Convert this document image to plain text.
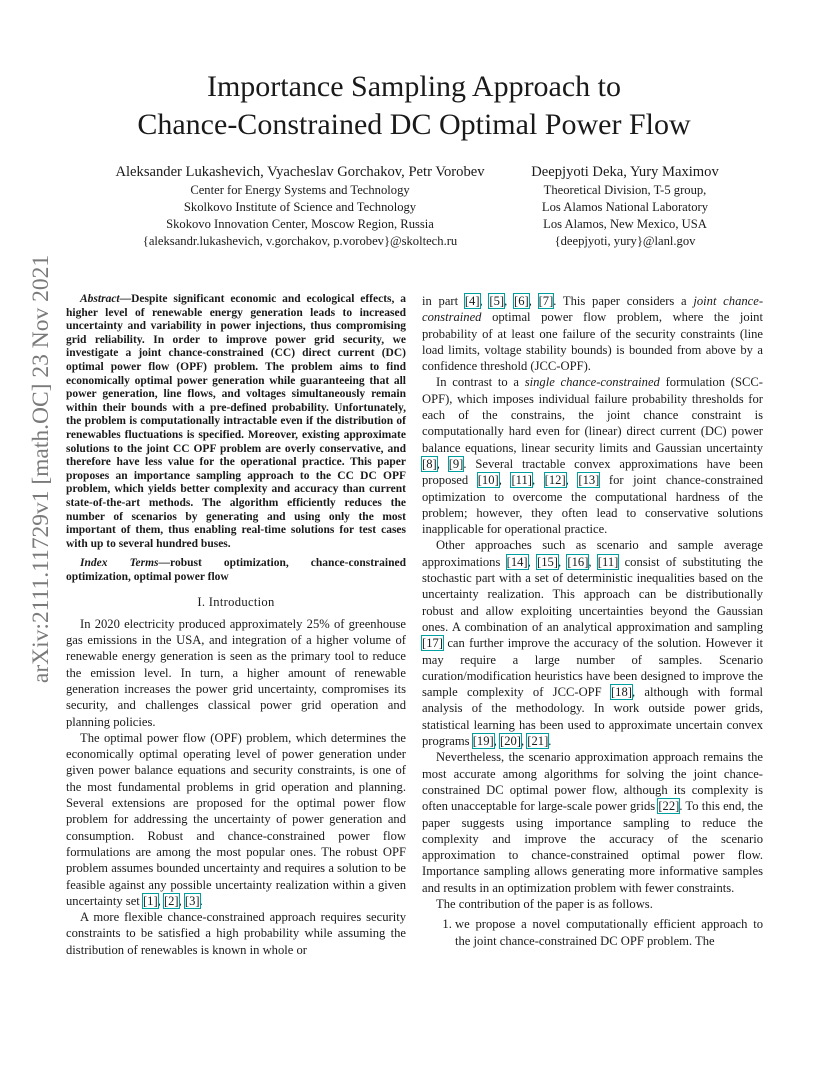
Importance Sampling Approach to
Chance-Constrained DC Optimal Power Flow
Aleksander Lukashevich, Vyacheslav Gorchakov, Petr Vorobev
Center for Energy Systems and Technology
Skolkovo Institute of Science and Technology
Skokovo Innovation Center, Moscow Region, Russia
{aleksandr.lukashevich, v.gorchakov, p.vorobev}@skoltech.ru
Deepjyoti Deka, Yury Maximov
Theoretical Division, T-5 group,
Los Alamos National Laboratory
Los Alamos, New Mexico, USA
{deepjyoti, yury}@lanl.gov
arXiv:2111.11729v1 [math.OC] 23 Nov 2021	Abstract—Despite significant economic and ecological effects, a higher level of renewable energy generation leads to increased uncertainty and variability in power injections, thus compromising grid reliability. In order to improve power grid security, we investigate a joint chance-constrained (CC) direct current (DC) optimal power flow (OPF) problem. The problem aims to find economically optimal power generation while guaranteeing that all power generation, line flows, and voltages simultaneously remain within their bounds with a pre-defined probability. Unfortunately, the problem is computationally intractable even if the distribution of renewables fluctuations is specified. Moreover, existing approximate solutions to the joint CC OPF problem are overly conservative, and therefore have less value for the operational practice. This paper proposes an importance sampling approach to the CC DC OPF problem, which yields better complexity and accuracy than current state-of-the-art methods. The algorithm efficiently reduces the number of scenarios by generating and using only the most important of them, thus enabling real-time solutions for test cases with up to several hundred buses.

Index Terms—robust optimization, chance-constrained optimization, optimal power flow

I. Introduction

In 2020 electricity produced approximately 25% of greenhouse gas emissions in the USA, and integration of a higher volume of renewable energy generation is seen as the primary tool to reduce the emission level. In turn, a higher amount of renewable generation increases the power grid uncertainty, compromises its security, and challenges classical power grid operation and planning policies.

The optimal power flow (OPF) problem, which determines the economically optimal operating level of power generation under given power balance equations and security constraints, is one of the most fundamental problems in grid operation and planning. Several extensions are proposed for the optimal power flow problem for addressing the uncertainty of power generation and consumption. Robust and chance-constrained power flow formulations are among the most popular ones. The robust OPF problem assumes bounded uncertainty and requires a solution to be feasible against any possible uncertainty realization within a given uncertainty set [1], [2], [3].

A more flexible chance-constrained approach requires security constraints to be satisfied a high probability while assuming the distribution of renewables is known in whole or

in part [4], [5], [6], [7]. This paper considers a joint chance-constrained optimal power flow problem, where the joint probability of at least one failure of the security constraints (line load limits, voltage stability bounds) is bounded from above by a confidence threshold (JCC-OPF).

In contrast to a single chance-constrained formulation (SCC-OPF), which imposes individual failure probability thresholds for each of the constrains, the joint chance constraint is computationally hard even for (linear) direct current (DC) power balance equations, linear security limits and Gaussian uncertainty [8], [9]. Several tractable convex approximations have been proposed [10], [11], [12], [13] for joint chance-constrained optimization to overcome the computational hardness of the problem; however, they often lead to conservative solutions inapplicable for operational practice.

Other approaches such as scenario and sample average approximations [14], [15], [16], [11] consist of substituting the stochastic part with a set of deterministic inequalities based on the uncertainty realization. This approach can be distributionally robust and allow exploiting uncertainties beyond the Gaussian ones. A combination of an analytical approximation and sampling [17] can further improve the accuracy of the solution. However it may require a large number of samples. Scenario curation/modification heuristics have been designed to improve the sample complexity of JCC-OPF [18], although with formal analysis of the methodology. In work outside power grids, statistical learning has been used to approximate uncertain convex programs [19], [20], [21].

Nevertheless, the scenario approximation approach remains the most accurate among algorithms for solving the joint chance-constrained DC optimal power flow, although its complexity is often unacceptable for large-scale power grids [22]. To this end, the paper suggests using importance sampling to reduce the complexity and improve the accuracy of the scenario approximation to chance-constrained optimal power flow. Importance sampling allows generating more informative samples and results in an optimization problem with fewer constraints.

The contribution of the paper is as follows.

1. we propose a novel computationally efficient approach to the joint chance-constrained DC OPF problem. The
